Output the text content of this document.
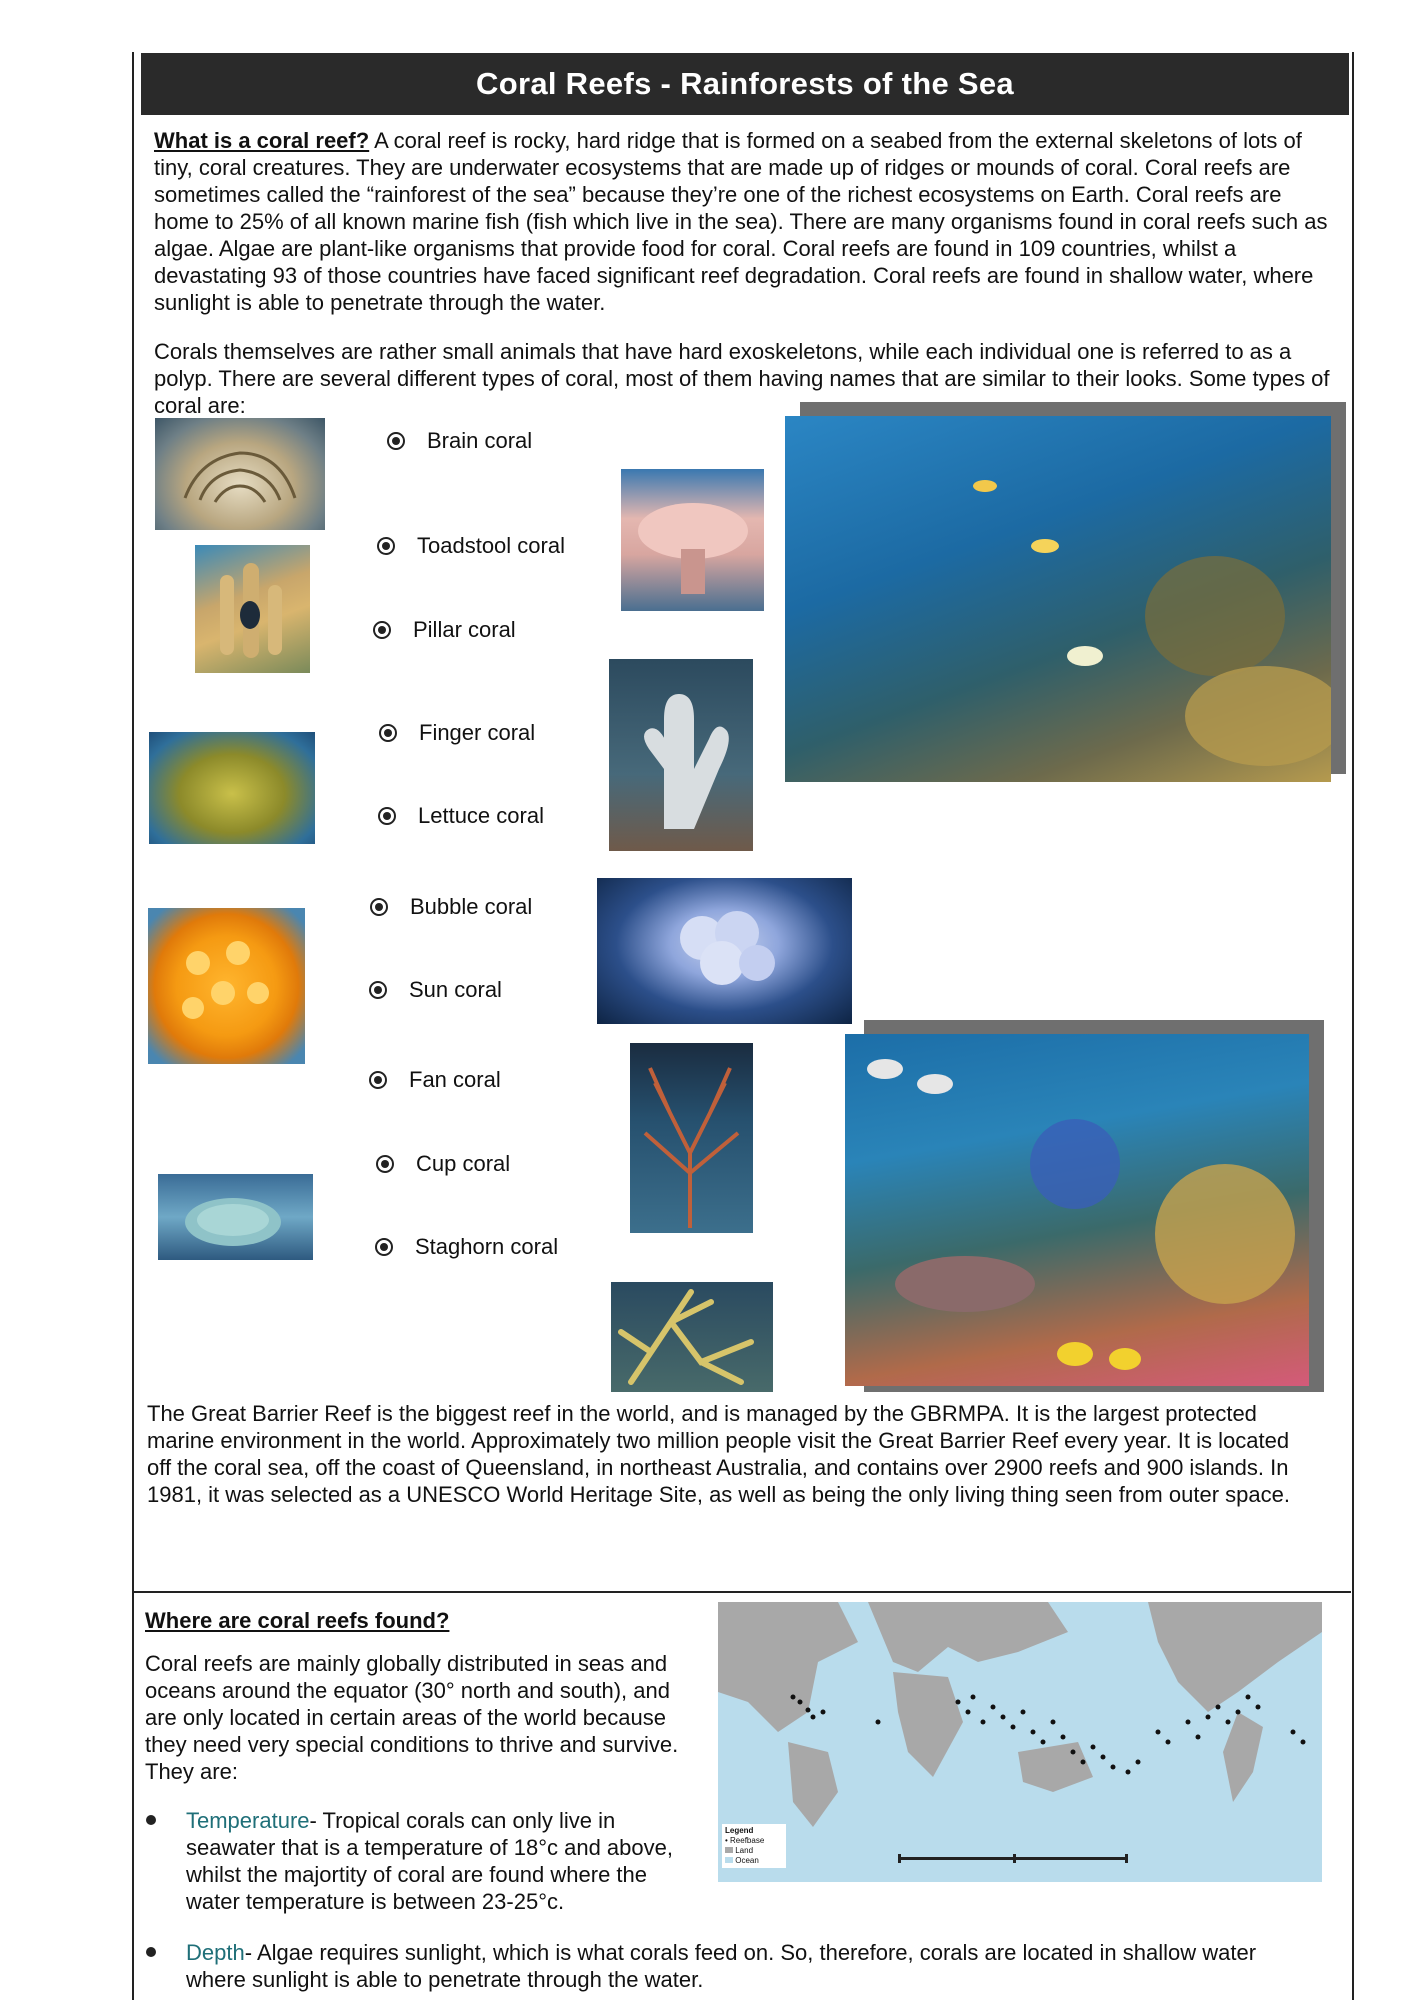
Coral Reefs - Rainforests of the Sea

What is a coral reef? A coral reef is rocky, hard ridge that is formed on a seabed from the external skeletons of lots of tiny, coral creatures. They are underwater ecosystems that are made up of ridges or mounds of coral. Coral reefs are sometimes called the “rainforest of the sea” because they’re one of the richest ecosystems on Earth. Coral reefs are home to 25% of all known marine fish (fish which live in the sea). There are many organisms found in coral reefs such as algae. Algae are plant-like organisms that provide food for coral. Coral reefs are found in 109 countries, whilst a devastating 93 of those countries have faced significant reef degradation. Coral reefs are found in shallow water, where sunlight is able to penetrate through the water.

Corals themselves are rather small animals that have hard exoskeletons, while each individual one is referred to as a polyp. There are several different types of coral, most of them having names that are similar to their looks. Some types of coral are:

Brain coral
Toadstool coral
Pillar coral
Finger coral
Lettuce coral
Bubble coral
Sun coral
Fan coral
Cup coral
Staghorn coral

The Great Barrier Reef is the biggest reef in the world, and is managed by the GBRMPA. It is the largest protected marine environment in the world. Approximately two million people visit the Great Barrier Reef every year. It is located off the coral sea, off the coast of Queensland, in northeast Australia, and contains over 2900 reefs and 900 islands. In 1981, it was selected as a UNESCO World Heritage Site, as well as being the only living thing seen from outer space.

Where are coral reefs found?

Coral reefs are mainly globally distributed in seas and oceans around the equator (30° north and south), and are only located in certain areas of the world because they need very special conditions to thrive and survive. They are:

Legend
• Reefbase
Land
Ocean

Temperature- Tropical corals can only live in seawater that is a temperature of 18°c and above, whilst the majortity of coral are found where the water temperature is between 23-25°c.

Depth- Algae requires sunlight, which is what corals feed on. So, therefore, corals are located in shallow water where sunlight is able to penetrate through the water.
